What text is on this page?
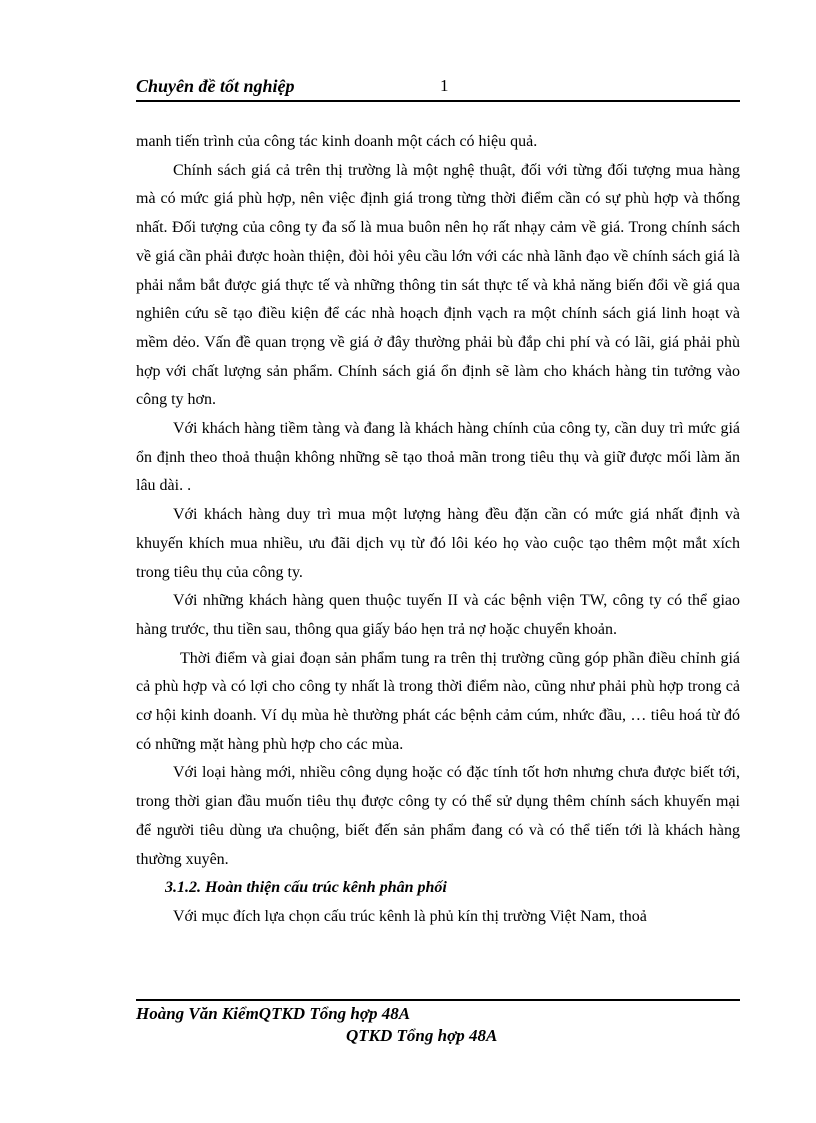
Chuyên đề tốt nghiệp	1

manh tiến trình của công tác kinh doanh một cách có hiệu quả.

Chính sách giá cả trên thị trường là một nghệ thuật, đối với từng đối tượng mua hàng mà có mức giá phù hợp, nên việc định giá trong từng thời điểm cần có sự phù hợp và thống nhất. Đối tượng của công ty đa số là mua buôn nên họ rất nhạy cảm về giá. Trong chính sách về giá cần phải được hoàn thiện, đòi hỏi yêu cầu lớn với các nhà lãnh đạo về chính sách giá là phải nắm bắt được giá thực tế và những thông tin sát thực tế và khả năng biến đổi về giá qua nghiên cứu sẽ tạo điều kiện để các nhà hoạch định vạch ra một chính sách giá linh hoạt và mềm dẻo. Vấn đề quan trọng về giá ở đây thường phải bù đắp chi phí và có lãi, giá phải phù hợp với chất lượng sản phẩm. Chính sách giá ổn định sẽ làm cho khách hàng tin tưởng vào công ty hơn.

Với khách hàng tiềm tàng và đang là khách hàng chính của công ty, cần duy trì mức giá ổn định theo thoả thuận không những sẽ tạo thoả mãn trong tiêu thụ và giữ được mối làm ăn lâu dài. .

Với khách hàng duy trì mua một lượng hàng đều đặn cần có mức giá nhất định và khuyến khích mua nhiều, ưu đãi dịch vụ từ đó lôi kéo họ vào cuộc tạo thêm một mắt xích trong tiêu thụ của công ty.

Với những khách hàng quen thuộc tuyến II và các bệnh viện TW, công ty có thể giao hàng trước, thu tiền sau, thông qua giấy báo hẹn trả nợ hoặc chuyển khoản.

Thời điểm và giai đoạn sản phẩm tung ra trên thị trường cũng góp phần điều chỉnh giá cả phù hợp và có lợi cho công ty nhất là trong thời điểm nào, cũng như phải phù hợp trong cả cơ hội kinh doanh. Ví dụ mùa hè thường phát các bệnh cảm cúm, nhức đầu, … tiêu hoá từ đó có những mặt hàng phù hợp cho các mùa.

Với loại hàng mới, nhiều công dụng hoặc có đặc tính tốt hơn nhưng chưa được biết tới, trong thời gian đầu muốn tiêu thụ được công ty có thể sử dụng thêm chính sách khuyến mại để người tiêu dùng ưa chuộng, biết đến sản phẩm đang có và có thể tiến tới là khách hàng thường xuyên.

3.1.2. Hoàn thiện cấu trúc kênh phân phối

Với mục đích lựa chọn cấu trúc kênh là phủ kín thị trường Việt Nam, thoả

Hoàng Văn KiểmQTKD Tổng hợp 48A
QTKD Tổng hợp 48A
